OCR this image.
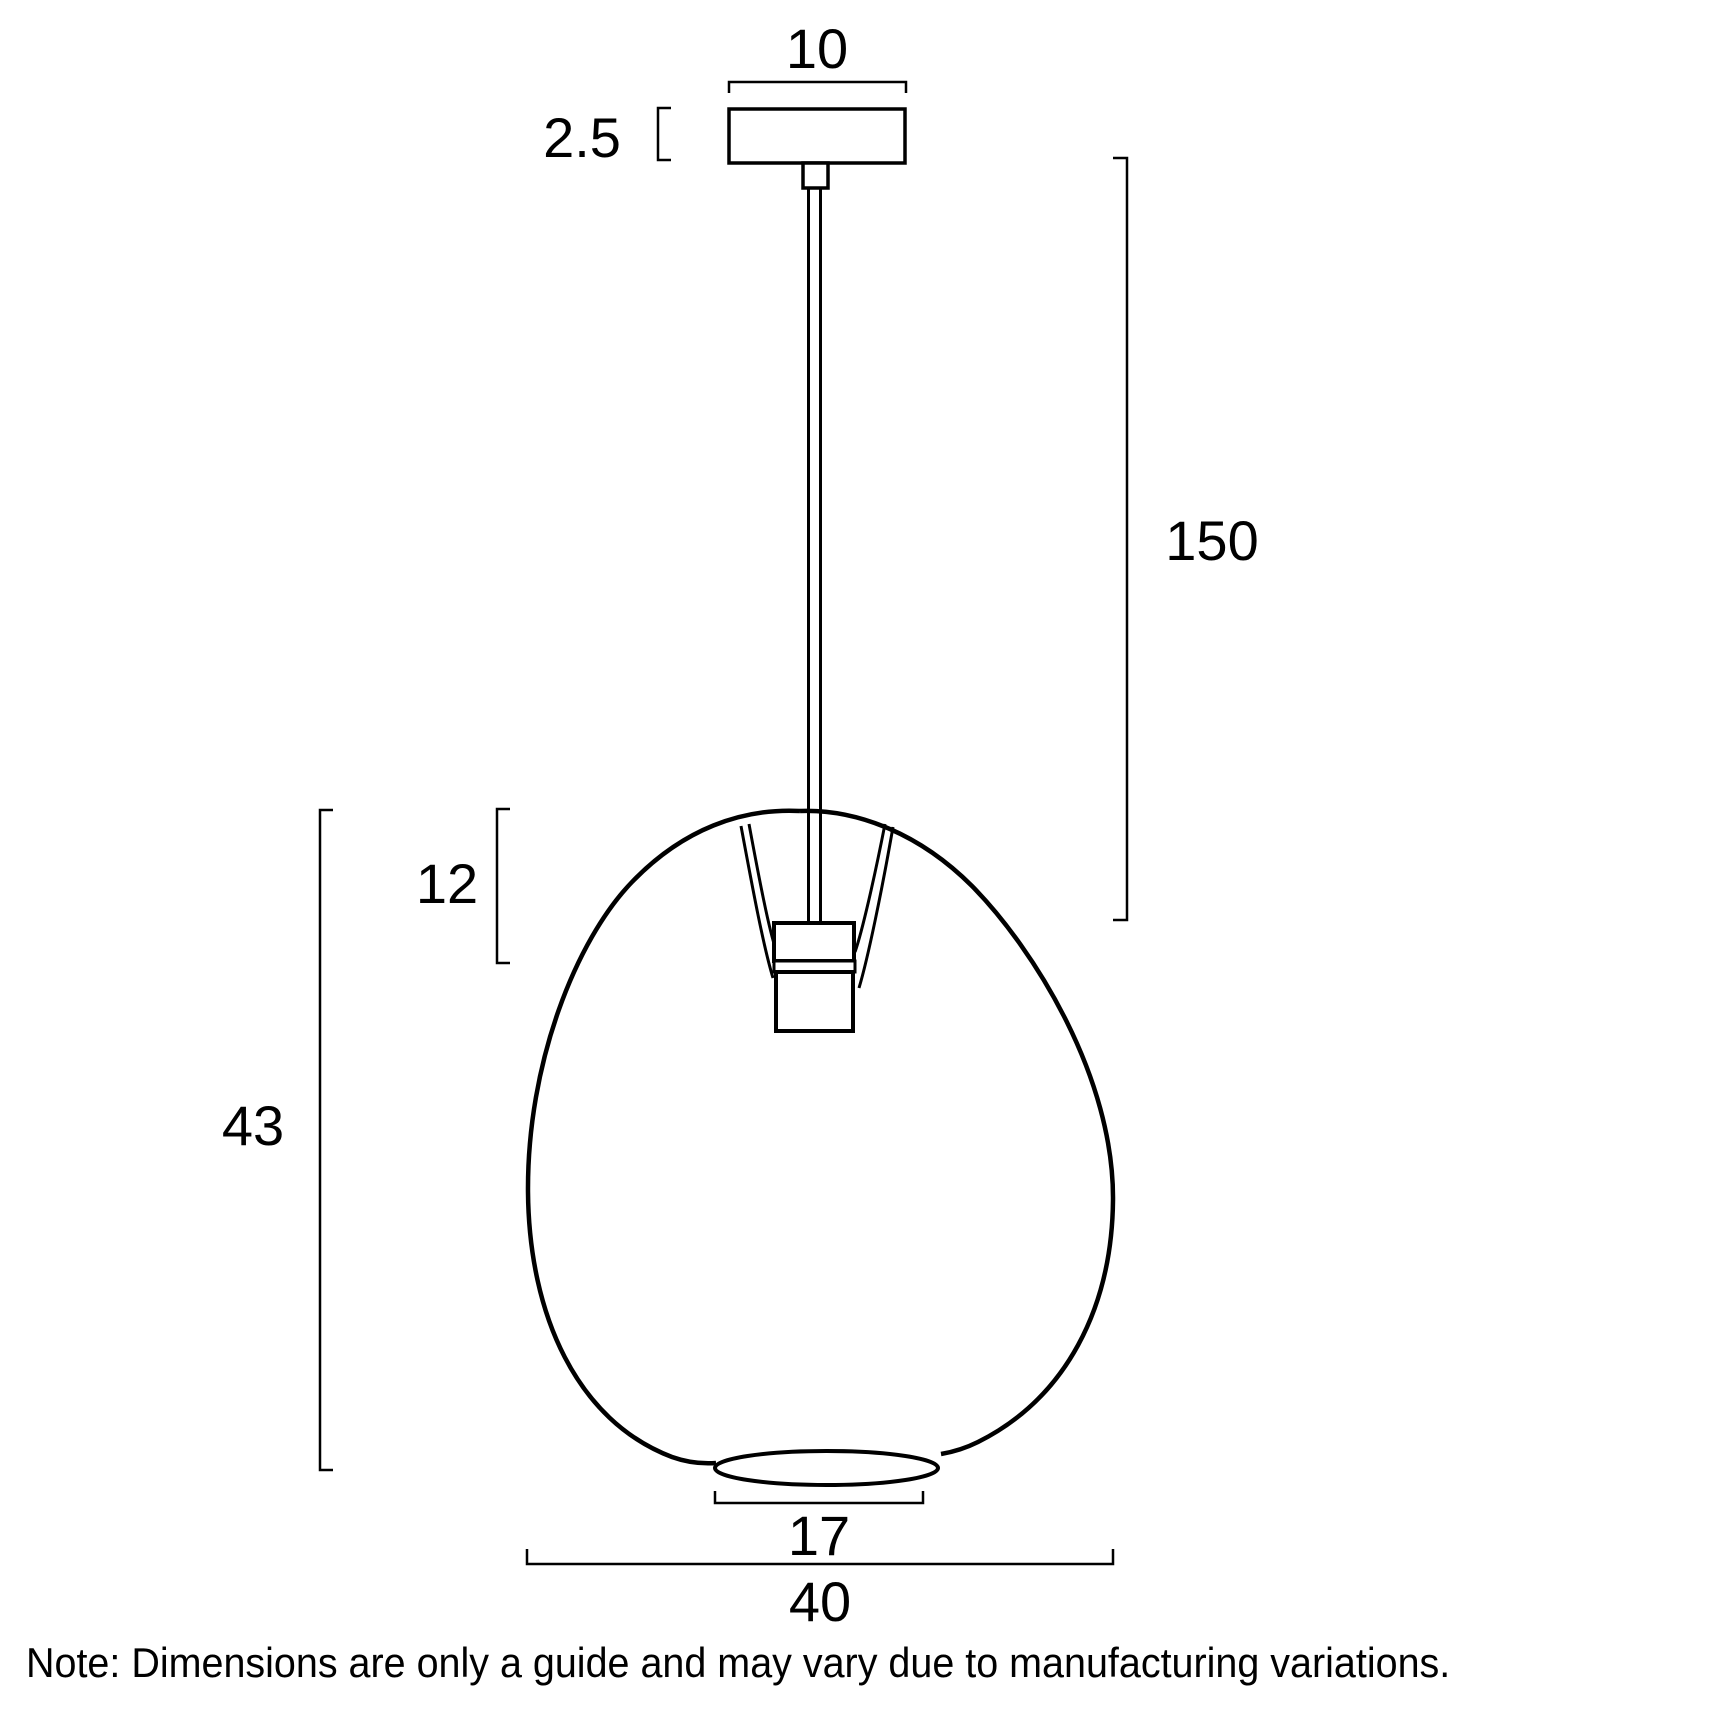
10
2.5
150
12
43
17
40
Note: Dimensions are only a guide and may vary due to manufacturing variations.
